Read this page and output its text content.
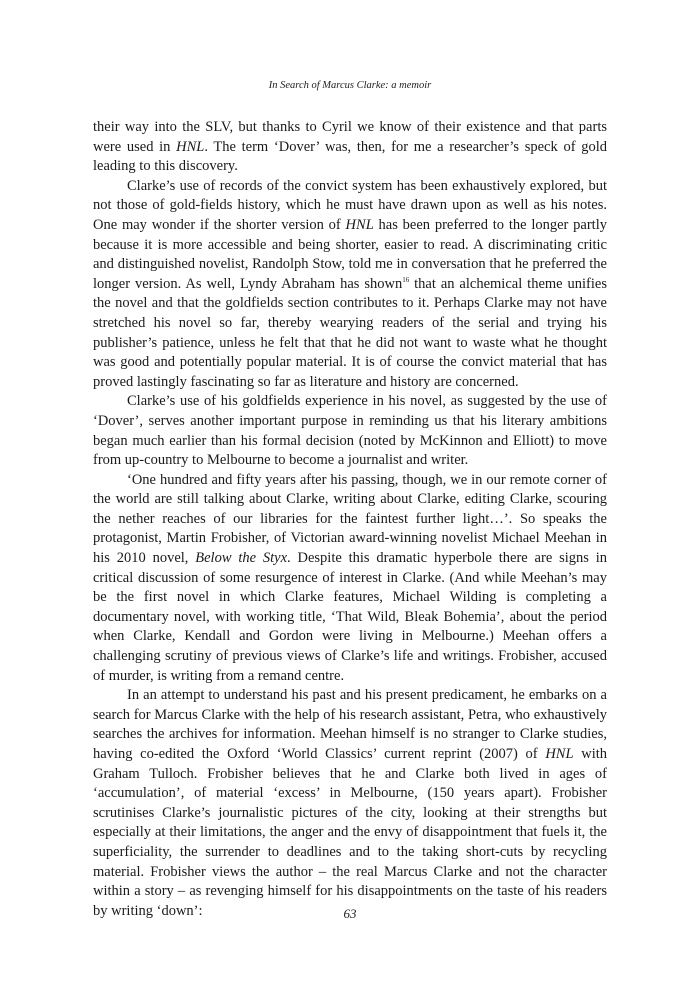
In Search of Marcus Clarke: a memoir

their way into the SLV, but thanks to Cyril we know of their existence and that parts were used in HNL. The term ‘Dover’ was, then, for me a researcher’s speck of gold leading to this discovery.

Clarke’s use of records of the convict system has been exhaustively explored, but not those of gold-fields history, which he must have drawn upon as well as his notes. One may wonder if the shorter version of HNL has been preferred to the longer partly because it is more accessible and being shorter, easier to read. A discriminating critic and distinguished novelist, Randolph Stow, told me in conversation that he preferred the longer version. As well, Lyndy Abraham has shown$^{16}$ that an alchemical theme unifies the novel and that the goldfields section contributes to it. Perhaps Clarke may not have stretched his novel so far, thereby wearying readers of the serial and trying his publisher’s patience, unless he felt that that he did not want to waste what he thought was good and potentially popular material. It is of course the convict material that has proved lastingly fascinating so far as literature and history are concerned.

Clarke’s use of his goldfields experience in his novel, as suggested by the use of ‘Dover’, serves another important purpose in reminding us that his literary ambitions began much earlier than his formal decision (noted by McKinnon and Elliott) to move from up-country to Melbourne to become a journalist and writer.

‘One hundred and fifty years after his passing, though, we in our remote corner of the world are still talking about Clarke, writing about Clarke, editing Clarke, scouring the nether reaches of our libraries for the faintest further light…’. So speaks the protagonist, Martin Frobisher, of Victorian award-winning novelist Michael Meehan in his 2010 novel, Below the Styx. Despite this dramatic hyperbole there are signs in critical discussion of some resurgence of interest in Clarke. (And while Meehan’s may be the first novel in which Clarke features, Michael Wilding is completing a documentary novel, with working title, ‘That Wild, Bleak Bohemia’, about the period when Clarke, Kendall and Gordon were living in Melbourne.) Meehan offers a challenging scrutiny of previous views of Clarke’s life and writings. Frobisher, accused of murder, is writing from a remand centre.

In an attempt to understand his past and his present predicament, he embarks on a search for Marcus Clarke with the help of his research assistant, Petra, who exhaustively searches the archives for information. Meehan himself is no stranger to Clarke studies, having co-edited the Oxford ‘World Classics’ current reprint (2007) of HNL with Graham Tulloch. Frobisher believes that he and Clarke both lived in ages of ‘accumulation’, of material ‘excess’ in Melbourne, (150 years apart). Frobisher scrutinises Clarke’s journalistic pictures of the city, looking at their strengths but especially at their limitations, the anger and the envy of disappointment that fuels it, the superficiality, the surrender to deadlines and to the taking short-cuts by recycling material. Frobisher views the author – the real Marcus Clarke and not the character within a story – as revenging himself for his disappointments on the taste of his readers by writing ‘down’:	63
